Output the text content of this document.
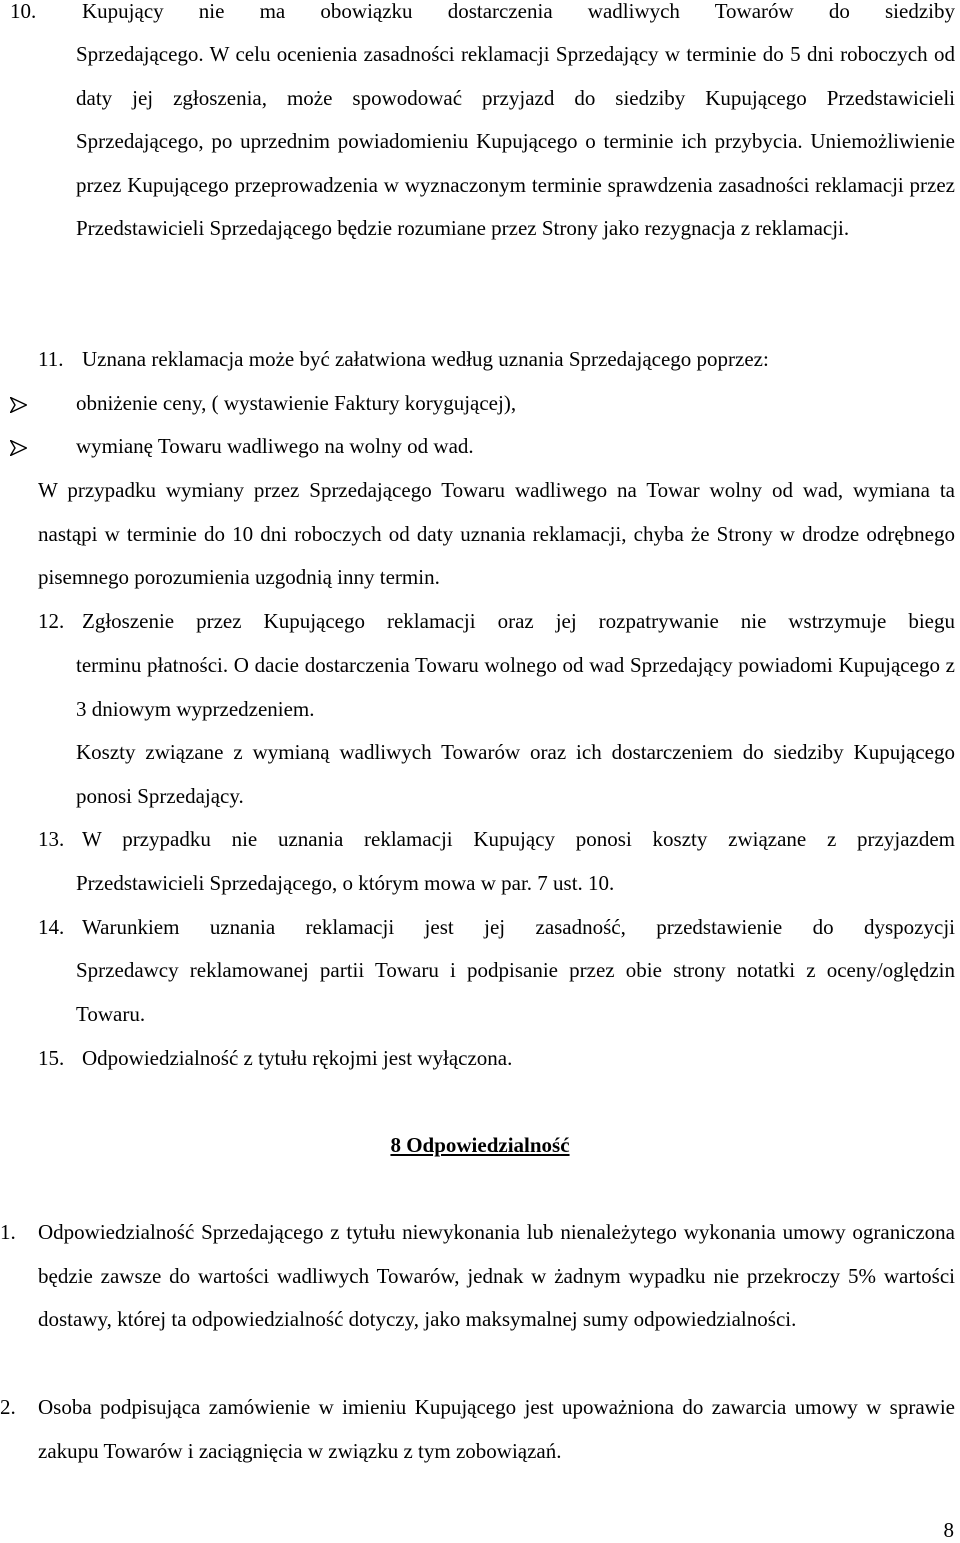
10. Kupujący nie ma obowiązku dostarczenia wadliwych Towarów do siedziby

Sprzedającego. W celu ocenienia zasadności reklamacji Sprzedający w terminie do 5 dni roboczych od daty jej zgłoszenia, może spowodować przyjazd do siedziby Kupującego Przedstawicieli Sprzedającego, po uprzednim powiadomieniu Kupującego o terminie ich przybycia. Uniemożliwienie przez Kupującego przeprowadzenia w wyznaczonym terminie sprawdzenia zasadności reklamacji przez Przedstawicieli Sprzedającego będzie rozumiane przez Strony jako rezygnacja z reklamacji.

11. Uznana reklamacja może być załatwiona według uznania Sprzedającego poprzez:

obniżenie ceny, ( wystawienie Faktury korygującej),
wymianę Towaru wadliwego na wolny od wad.

W przypadku wymiany przez Sprzedającego Towaru wadliwego na Towar wolny od wad, wymiana ta nastąpi w terminie do 10 dni roboczych od daty uznania reklamacji, chyba że Strony w drodze odrębnego pisemnego porozumienia uzgodnią inny termin.

12. Zgłoszenie przez Kupującego reklamacji oraz jej rozpatrywanie nie wstrzymuje biegu

terminu płatności. O dacie dostarczenia Towaru wolnego od wad Sprzedający powiadomi Kupującego z 3 dniowym wyprzedzeniem.

Koszty związane z wymianą wadliwych Towarów oraz ich dostarczeniem do siedziby Kupującego ponosi Sprzedający.

13. W przypadku nie uznania reklamacji Kupujący ponosi koszty związane z przyjazdem

Przedstawicieli Sprzedającego, o którym mowa w par. 7 ust. 10.

14. Warunkiem uznania reklamacji jest jej zasadność, przedstawienie do dyspozycji

Sprzedawcy reklamowanej partii Towaru i podpisanie przez obie strony notatki z oceny/oględzin Towaru.

15. Odpowiedzialność z tytułu rękojmi jest wyłączona.

8 Odpowiedzialność
1. Odpowiedzialność Sprzedającego z tytułu niewykonania lub nienależytego wykonania umowy ograniczona będzie zawsze do wartości wadliwych Towarów, jednak w żadnym wypadku nie przekroczy 5% wartości dostawy, której ta odpowiedzialność dotyczy, jako maksymalnej sumy odpowiedzialności.

2. Osoba podpisująca zamówienie w imieniu Kupującego jest upoważniona do zawarcia umowy w sprawie zakupu Towarów i zaciągnięcia w związku z tym zobowiązań.

8
